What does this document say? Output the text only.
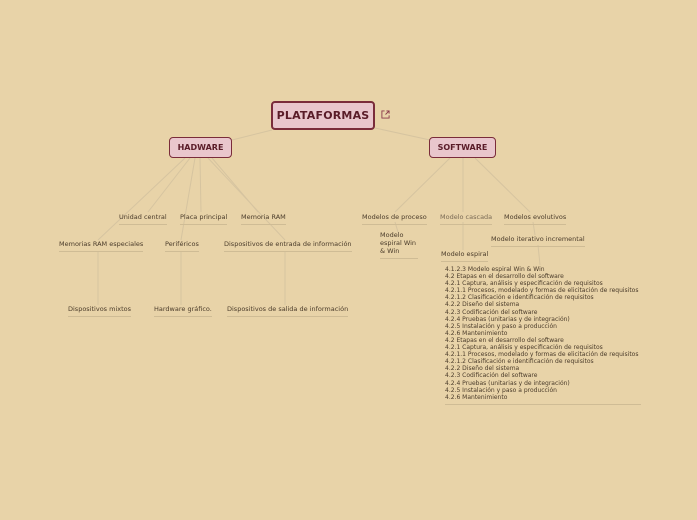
PLATAFORMAS
HADWARE	SOFTWARE
Unidad central Placa principal Memoria RAM
Memorias RAM especiales	Periféricos	Dispositivos de entrada de información
Dispositivos mixtos	Hardware gráfico. Dispositivos de salida de información
Modelos de proceso Modelo cascada Modelos evolutivos
Modelo espiral Win & Win	Modelo espiral
Modelo iterativo incremental
4.1.2.3 Modelo espiral Win & Win
4.2 Etapas en el desarrollo del software
4.2.1 Captura, análisis y especificación de requisitos
4.2.1.1 Procesos, modelado y formas de elicitación de requisitos
4.2.1.2 Clasificación e identificación de requisitos
4.2.2 Diseño del sistema
4.2.3 Codificación del software
4.2.4 Pruebas (unitarias y de integración)
4.2.5 Instalación y paso a producción
4.2.6 Mantenimiento
4.2 Etapas en el desarrollo del software
4.2.1 Captura, análisis y especificación de requisitos
4.2.1.1 Procesos, modelado y formas de elicitación de requisitos
4.2.1.2 Clasificación e identificación de requisitos
4.2.2 Diseño del sistema
4.2.3 Codificación del software
4.2.4 Pruebas (unitarias y de integración)
4.2.5 Instalación y paso a producción
4.2.6 Mantenimiento
